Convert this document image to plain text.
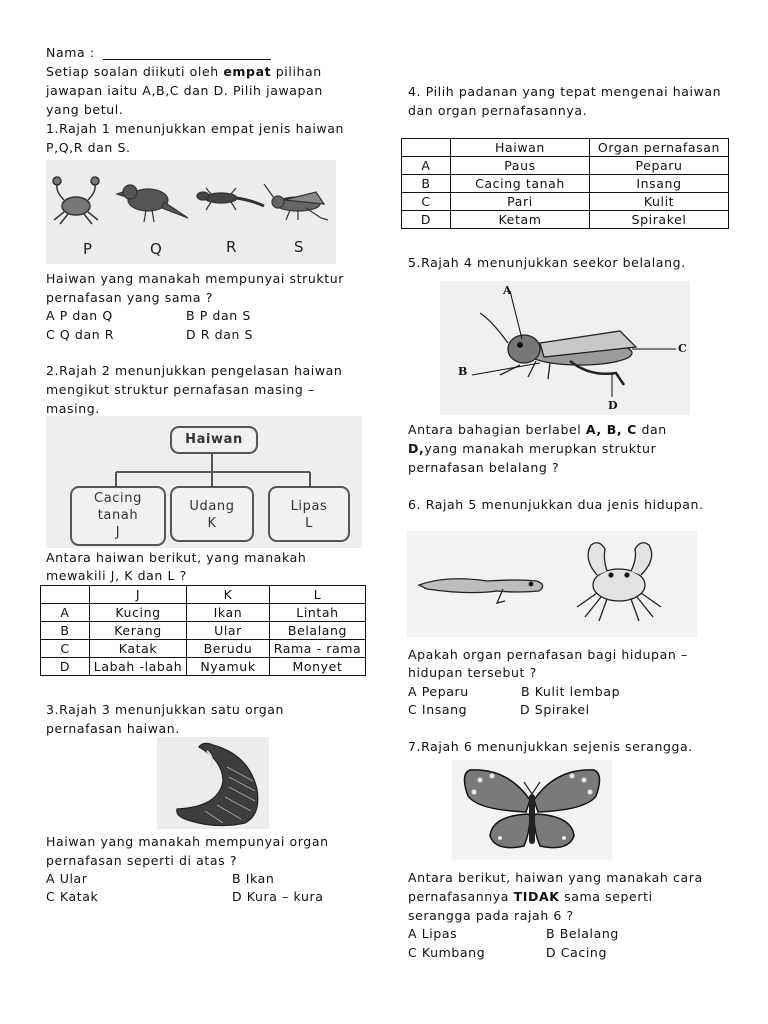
Nama :
Setiap soalan diikuti oleh empat pilihan
jawapan iaitu A,B,C dan D. Pilih jawapan
yang betul.
1.Rajah 1 menunjukkan empat jenis haiwan
P,Q,R dan S.
P	Q	R	S
Haiwan yang manakah mempunyai struktur
pernafasan yang sama ?
A P dan Q	B P dan S
C Q dan R	D R dan S
2.Rajah 2 menunjukkan pengelasan haiwan
mengikut struktur pernafasan masing –
masing.
Haiwan
Cacing
tanah
J
Udang
K
Lipas
L
Antara haiwan berikut, yang manakah
mewakili J, K dan L ?
	J	K	L
A	Kucing	Ikan	Lintah
B	Kerang	Ular	Belalang
C	Katak	Berudu	Rama - rama
D	Labah -labah	Nyamuk	Monyet
3.Rajah 3 menunjukkan satu organ
pernafasan haiwan.
Haiwan yang manakah mempunyai organ
pernafasan seperti di atas ?
A Ular	B Ikan
C Katak	D Kura – kura
4. Pilih padanan yang tepat mengenai haiwan
dan organ pernafasannya.
	Haiwan	Organ pernafasan
A	Paus	Peparu
B	Cacing tanah	Insang
C	Pari	Kulit
D	Ketam	Spirakel
5.Rajah 4 menunjukkan seekor belalang.
A
B
C
D
Antara bahagian berlabel A, B, C dan
D,yang manakah merupkan struktur
pernafasan belalang ?
6. Rajah 5 menunjukkan dua jenis hidupan.
Apakah organ pernafasan bagi hidupan –
hidupan tersebut ?
A Peparu	B Kulit lembap
C Insang	D Spirakel
7.Rajah 6 menunjukkan sejenis serangga.
Antara berikut, haiwan yang manakah cara
pernafasannya TIDAK sama seperti
serangga pada rajah 6 ?
A Lipas	B Belalang
C Kumbang	D Cacing
